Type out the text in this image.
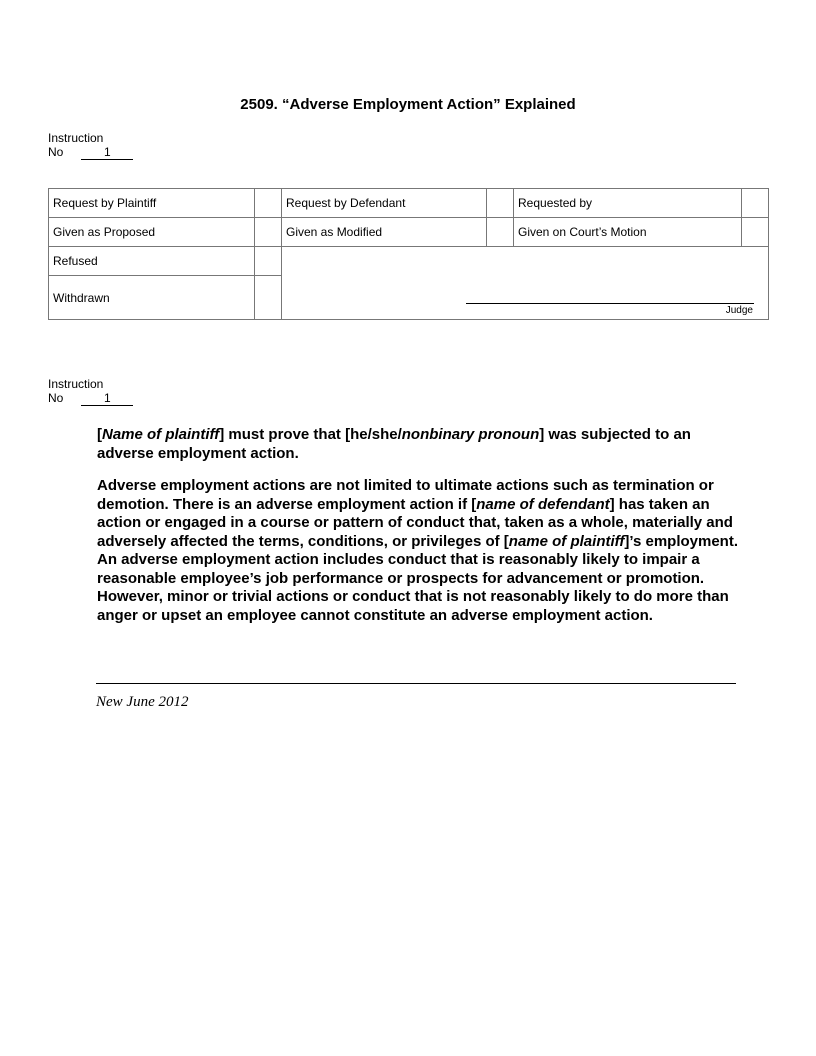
2509. “Adverse Employment Action” Explained
Instruction
No	1
Request by Plaintiff		Request by Defendant		Requested by	
Given as Proposed		Given as Modified		Given on Court’s Motion	
Refused		Judge			

Withdrawn					
Instruction
No	1

[Name of plaintiff] must prove that [he/she/nonbinary pronoun] was subjected to an adverse employment action.

Adverse employment actions are not limited to ultimate actions such as termination or demotion. There is an adverse employment action if [name of defendant] has taken an action or engaged in a course or pattern of conduct that, taken as a whole, materially and adversely affected the terms, conditions, or privileges of [name of plaintiff]’s employment. An adverse employment action includes conduct that is reasonably likely to impair a reasonable employee’s job performance or prospects for advancement or promotion. However, minor or trivial actions or conduct that is not reasonably likely to do more than anger or upset an employee cannot constitute an adverse employment action.

New June 2012
